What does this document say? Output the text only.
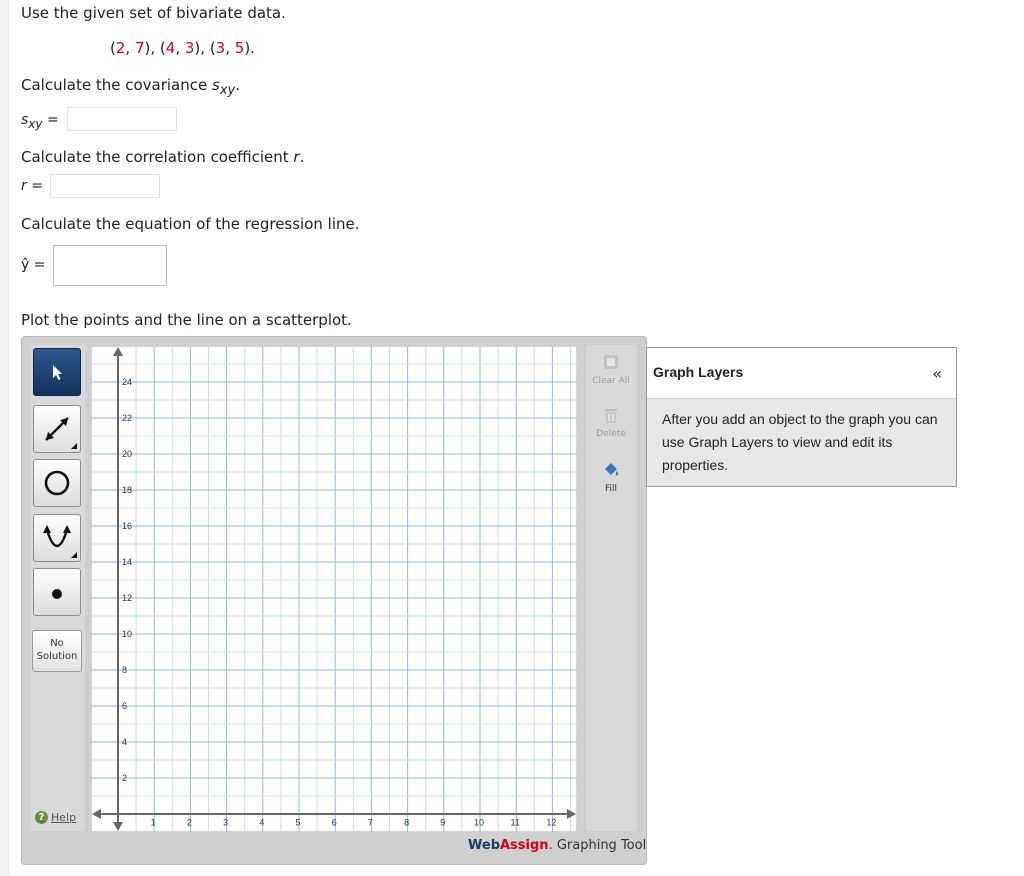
Use the given set of bivariate data.
(2, 7), (4, 3), (3, 5).
Calculate the covariance $s_{xy}$.
$s_{xy}$ =
Calculate the correlation coefficient r.
r =
Calculate the equation of the regression line.
ŷ =
Plot the points and the line on a scatterplot.
No
Solution
? Help	1	2	3	4	5	6	7	8	9	10	11	12
2
4
6
8
10
12
14
16
18
20
22
24	Clear All
Delete
Fill
WebAssign. Graphing Tool
Graph Layers	«
After you add an object to the graph you can use Graph Layers to view and edit its properties.
